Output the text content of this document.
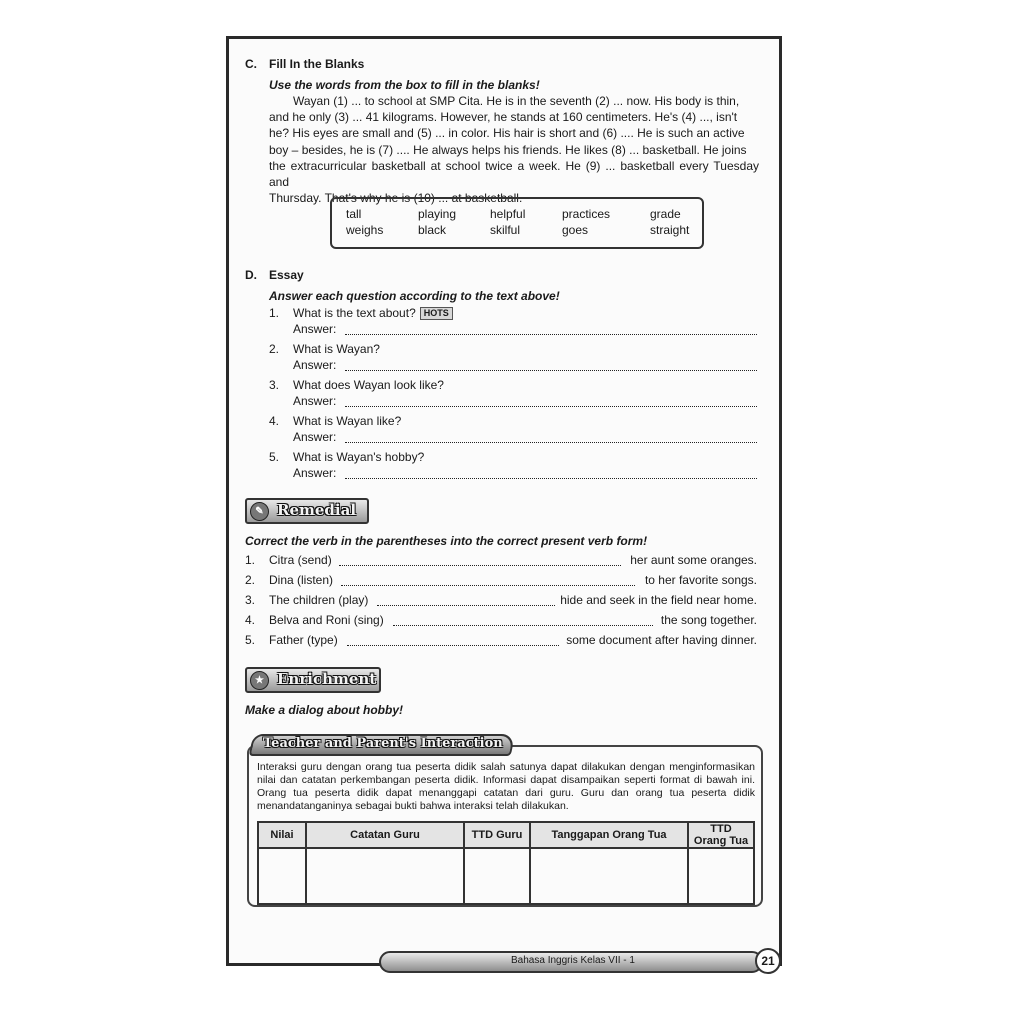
C. Fill In the Blanks
Use the words from the box to fill in the blanks!
Wayan (1) ... to school at SMP Cita. He is in the seventh (2) ... now. His body is thin,
and he only (3) ... 41 kilograms. However, he stands at 160 centimeters. He's (4) ..., isn't
he? His eyes are small and (5) ... in color. His hair is short and (6) .... He is such an active
boy – besides, he is (7) .... He always helps his friends. He likes (8) ... basketball. He joins
the extracurricular basketball at school twice a week. He (9) ... basketball every Tuesday and
Thursday. That's why he is (10) ... at basketball.
tall	playing	helpful	practices	grade
weighs	black	skilful	goes	straight
D. Essay
Answer each question according to the text above!
1. What is the text about? HOTS
Answer:
2. What is Wayan?
Answer:
3. What does Wayan look like?
Answer:
4. What is Wayan like?
Answer:
5. What is Wayan's hobby?
Answer:
✎ Remedial
Correct the verb in the parentheses into the correct present verb form!
1. Citra (send)	her aunt some oranges.
2. Dina (listen)	to her favorite songs.
3. The children (play)	hide and seek in the field near home.
4. Belva and Roni (sing)	the song together.
5. Father (type)	some document after having dinner.
★ Enrichment
Make a dialog about hobby!
Teacher and Parent's Interaction
Interaksi guru dengan orang tua peserta didik salah satunya dapat dilakukan dengan menginformasikan nilai dan catatan perkembangan peserta didik. Informasi dapat disampaikan seperti format di bawah ini. Orang tua peserta didik dapat menanggapi catatan dari guru. Guru dan orang tua peserta didik menandatanganinya sebagai bukti bahwa interaksi telah dilakukan.
Nilai	Catatan Guru	TTD Guru	Tanggapan Orang Tua	TTD Orang Tua

Bahasa Inggris Kelas VII - 1	21
